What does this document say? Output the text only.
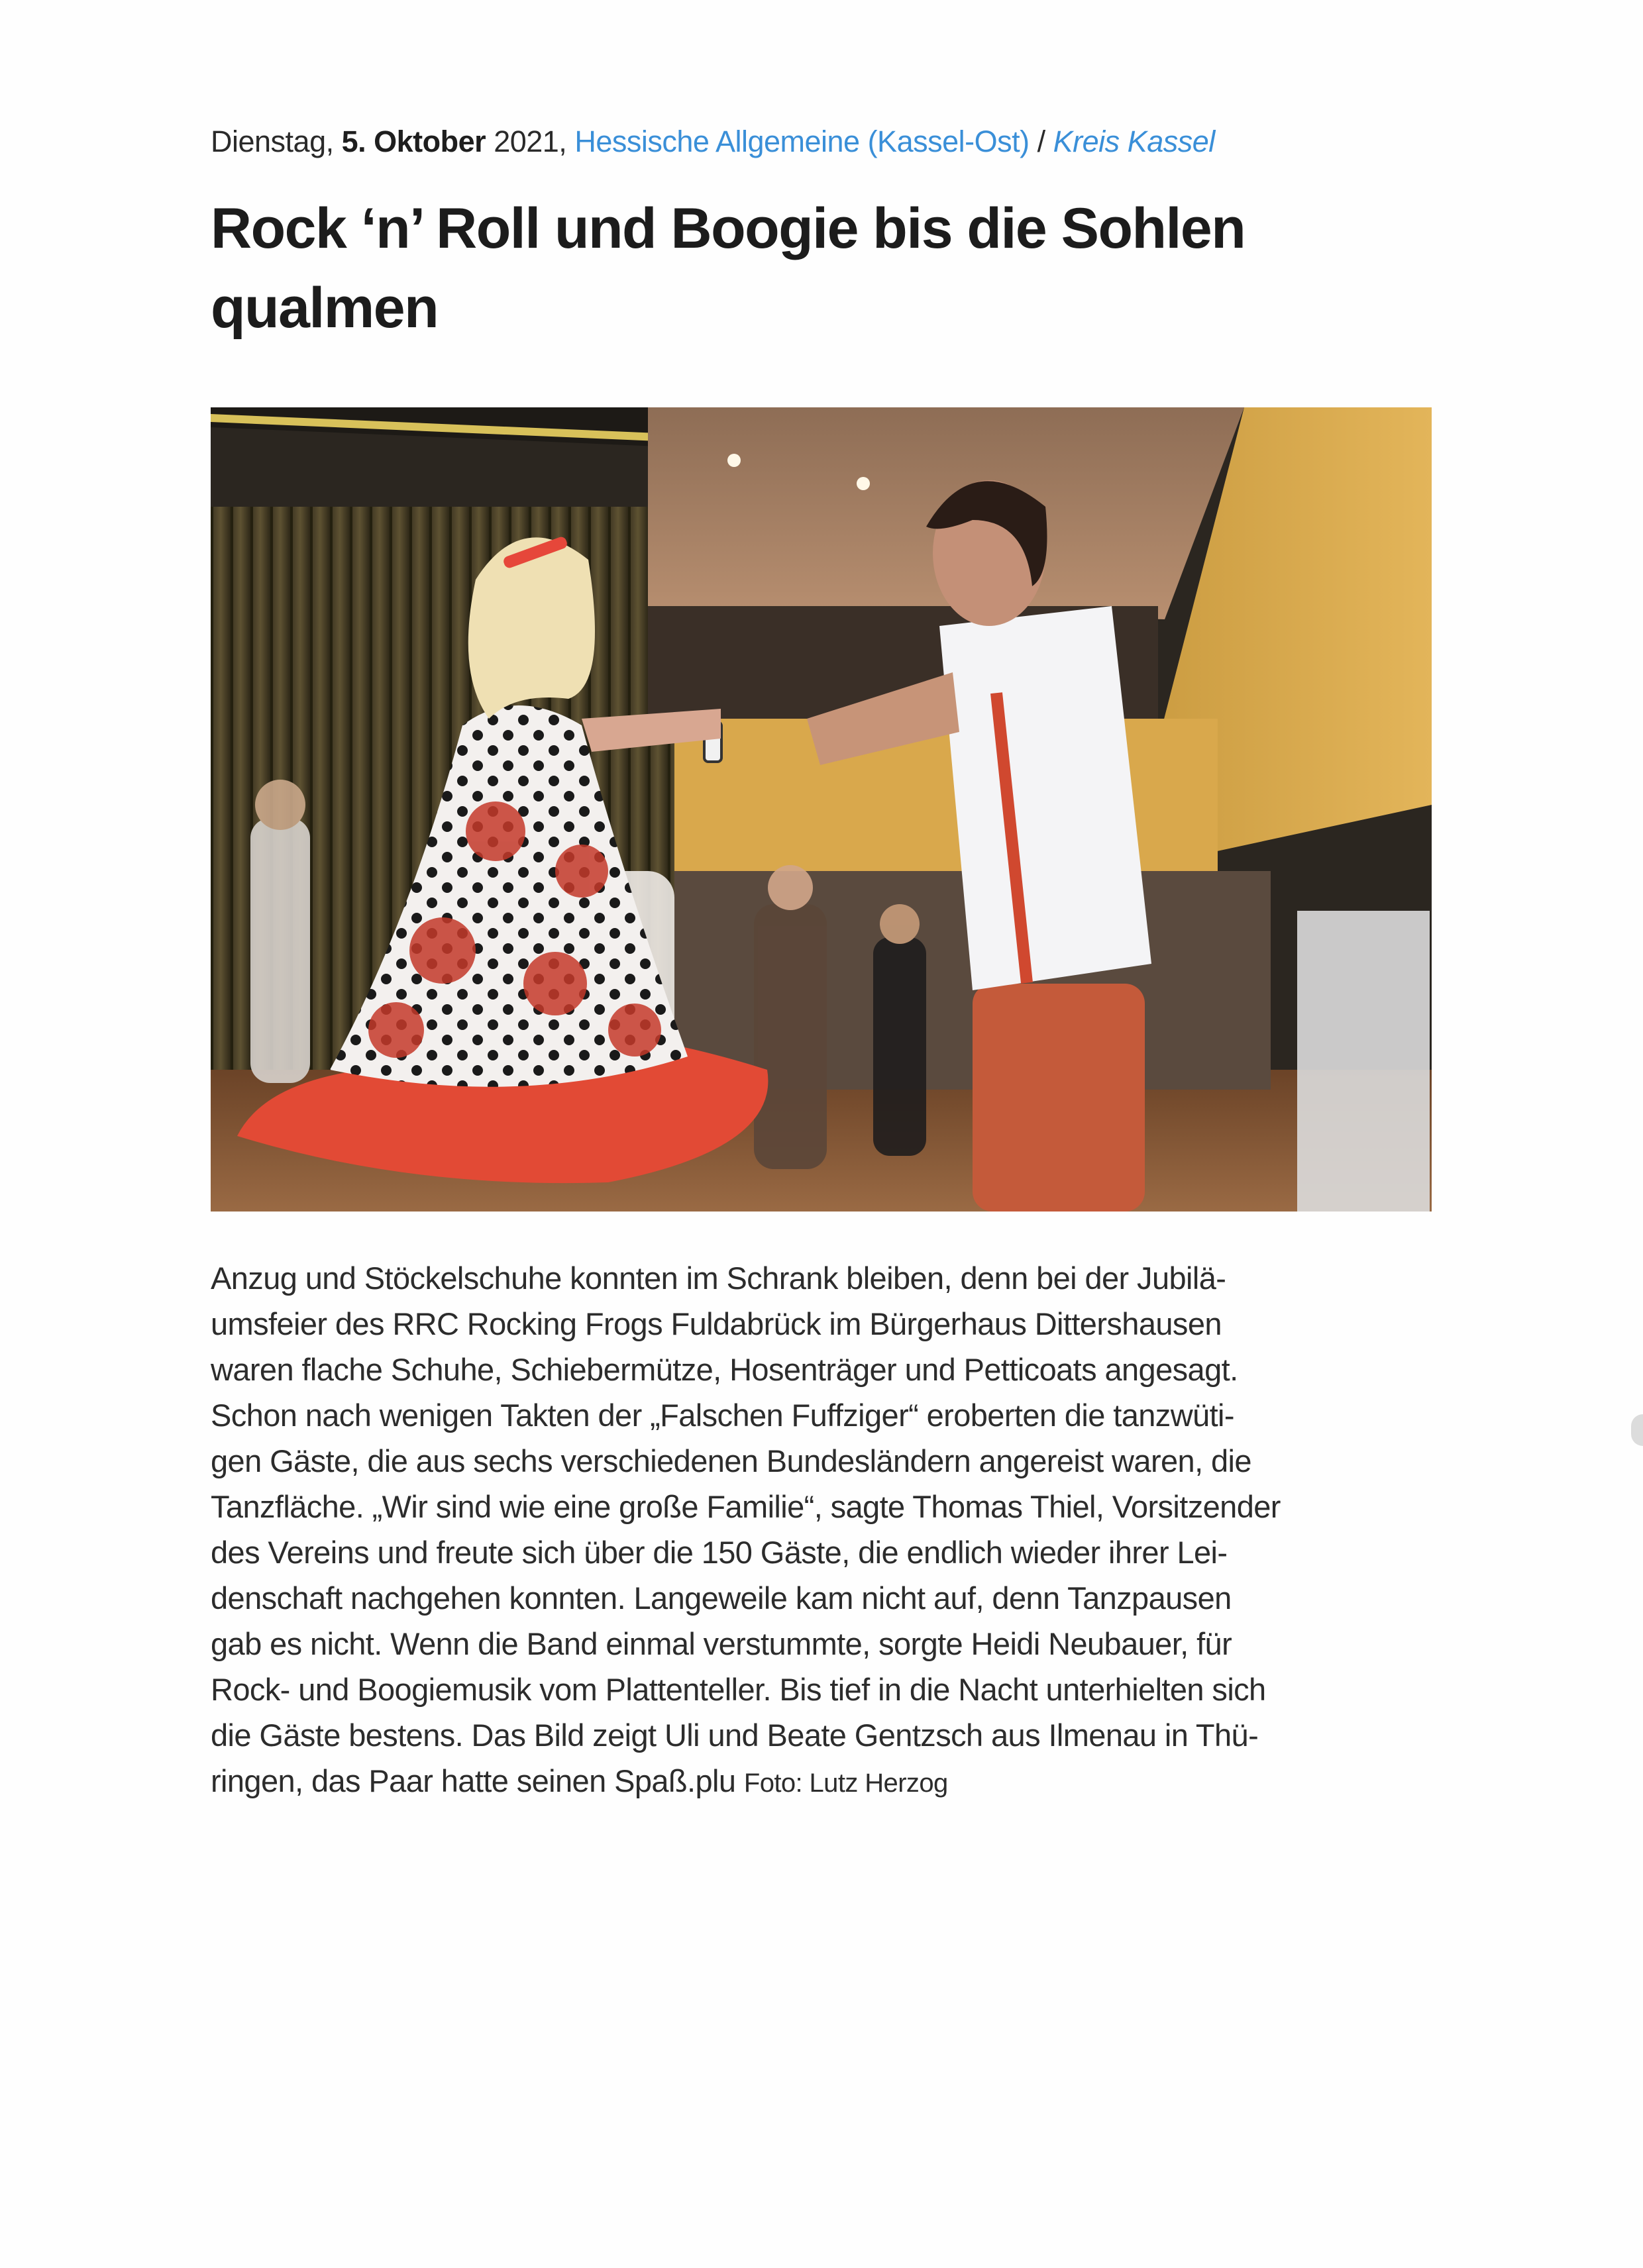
Dienstag, 5. Oktober 2021, Hessische Allgemeine (Kassel-Ost) / Kreis Kassel
Rock ‘n’ Roll und Boogie bis die Sohlen qualmen
Anzug und Stöckelschuhe konnten im Schrank bleiben, denn bei der Jubilä-
umsfeier des RRC Rocking Frogs Fuldabrück im Bürgerhaus Dittershausen
waren flache Schuhe, Schiebermütze, Hosenträger und Petticoats angesagt.
Schon nach wenigen Takten der „Falschen Fuffziger“ eroberten die tanzwüti-
gen Gäste, die aus sechs verschiedenen Bundesländern angereist waren, die
Tanzfläche. „Wir sind wie eine große Familie“, sagte Thomas Thiel, Vorsitzender
des Vereins und freute sich über die 150 Gäste, die endlich wieder ihrer Lei-
denschaft nachgehen konnten. Langeweile kam nicht auf, denn Tanzpausen
gab es nicht. Wenn die Band einmal verstummte, sorgte Heidi Neubauer, für
Rock- und Boogiemusik vom Plattenteller. Bis tief in die Nacht unterhielten sich
die Gäste bestens. Das Bild zeigt Uli und Beate Gentzsch aus Ilmenau in Thü-
ringen, das Paar hatte seinen Spaß.plu Foto: Lutz Herzog
